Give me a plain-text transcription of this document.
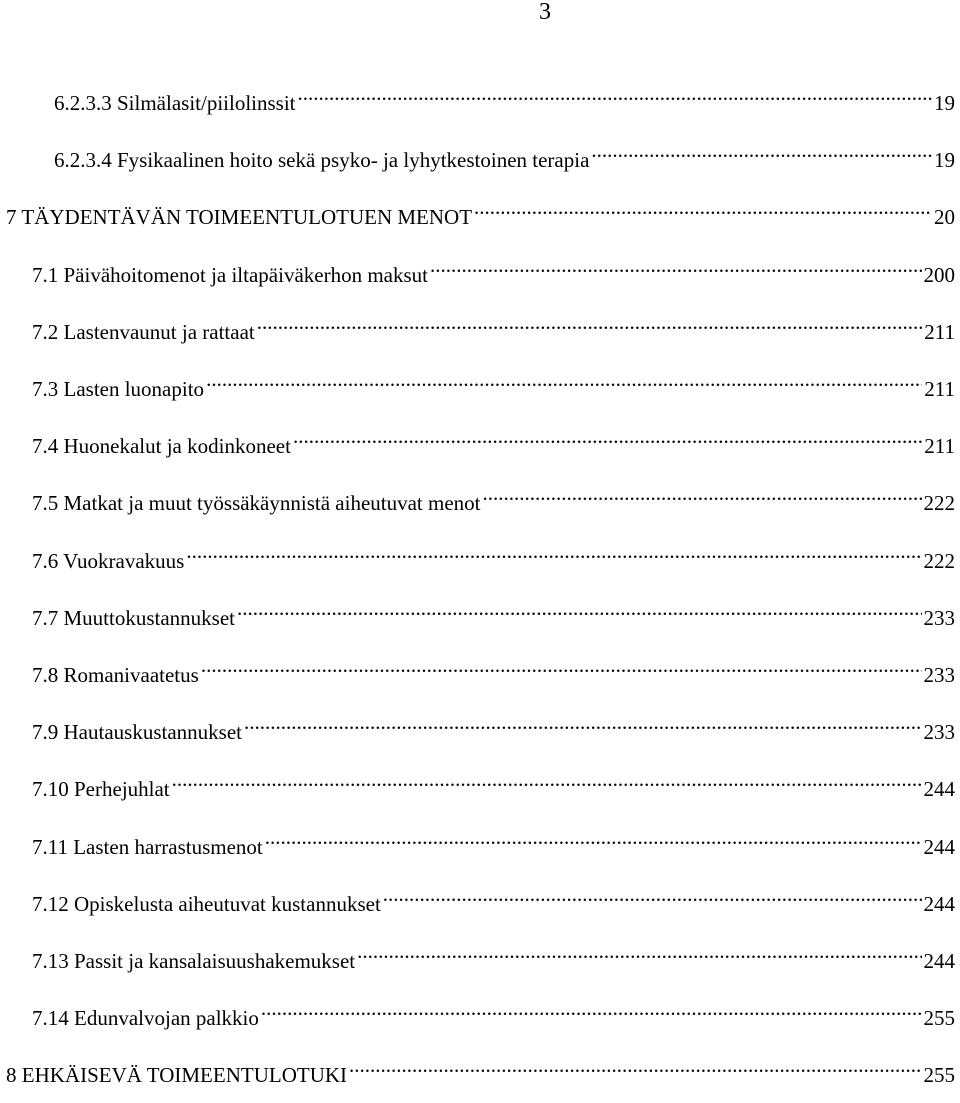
3
6.2.3.3 Silmälasit/piilolinssit .....	19
6.2.3.4 Fysikaalinen hoito sekä psyko- ja lyhytkestoinen terapia .....	19
7 TÄYDENTÄVÄN TOIMEENTULOTUEN MENOT .....	20
7.1 Päivähoitomenot ja iltapäiväkerhon maksut .....	200
7.2 Lastenvaunut ja rattaat .....	211
7.3 Lasten luonapito .....	211
7.4 Huonekalut ja kodinkoneet .....	211
7.5 Matkat ja muut työssäkäynnistä aiheutuvat menot .....	222
7.6 Vuokravakuus .....	222
7.7 Muuttokustannukset .....	233
7.8 Romanivaatetus .....	233
7.9 Hautauskustannukset .....	233
7.10 Perhejuhlat .....	244
7.11 Lasten harrastusmenot .....	244
7.12 Opiskelusta aiheutuvat kustannukset .....	244
7.13 Passit ja kansalaisuushakemukset .....	244
7.14 Edunvalvojan palkkio .....	255
8 EHKÄISEVÄ TOIMEENTULOTUKI .....	255
